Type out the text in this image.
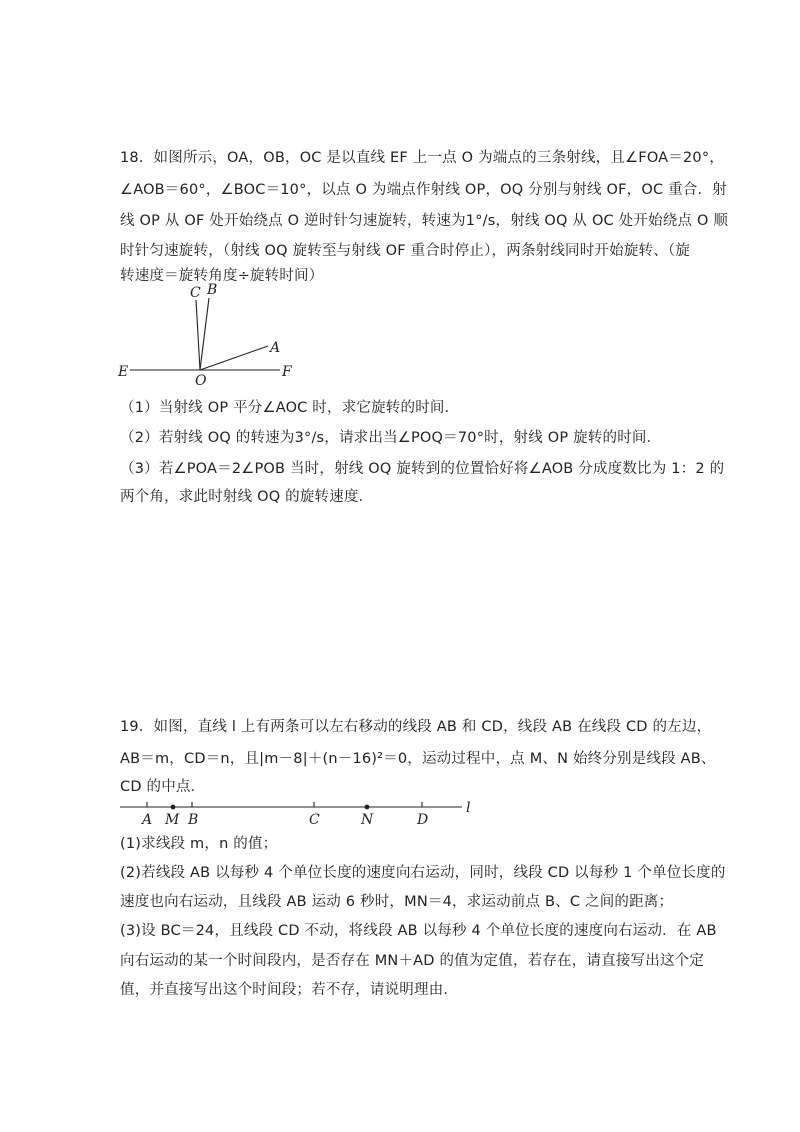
18．如图所示，OA，OB，OC 是以直线 EF 上一点 O 为端点的三条射线，且∠FOA＝20°，
∠AOB＝60°，∠BOC＝10°，以点 O 为端点作射线 OP，OQ 分别与射线 OF，OC 重合．射
线 OP 从 OF 处开始绕点 O 逆时针匀速旋转，转速为1°/s，射线 OQ 从 OC 处开始绕点 O 顺
时针匀速旋转，（射线 OQ 旋转至与射线 OF 重合时停止），两条射线同时开始旋转、（旋
转速度＝旋转角度÷旋转时间）
E
O
F
A
C B
（1）当射线 OP 平分∠AOC 时，求它旋转的时间．
（2）若射线 OQ 的转速为3°/s，请求出当∠POQ＝70°时，射线 OP 旋转的时间．
（3）若∠POA＝2∠POB 当时，射线 OQ 旋转到的位置恰好将∠AOB 分成度数比为 1：2 的
两个角，求此时射线 OQ 的旋转速度．
19．如图，直线 l 上有两条可以左右移动的线段 AB 和 CD，线段 AB 在线段 CD 的左边，
AB＝m，CD＝n，且|m－8|＋(n－16)²＝0，运动过程中，点 M、N 始终分别是线段 AB、
CD 的中点．
A M B	C	N	D
l
(1)求线段 m，n 的值；
(2)若线段 AB 以每秒 4 个单位长度的速度向右运动，同时，线段 CD 以每秒 1 个单位长度的
速度也向右运动，且线段 AB 运动 6 秒时，MN＝4，求运动前点 B、C 之间的距离；
(3)设 BC＝24，且线段 CD 不动，将线段 AB 以每秒 4 个单位长度的速度向右运动．在 AB
向右运动的某一个时间段内，是否存在 MN＋AD 的值为定值，若存在，请直接写出这个定
值，并直接写出这个时间段；若不存，请说明理由．
